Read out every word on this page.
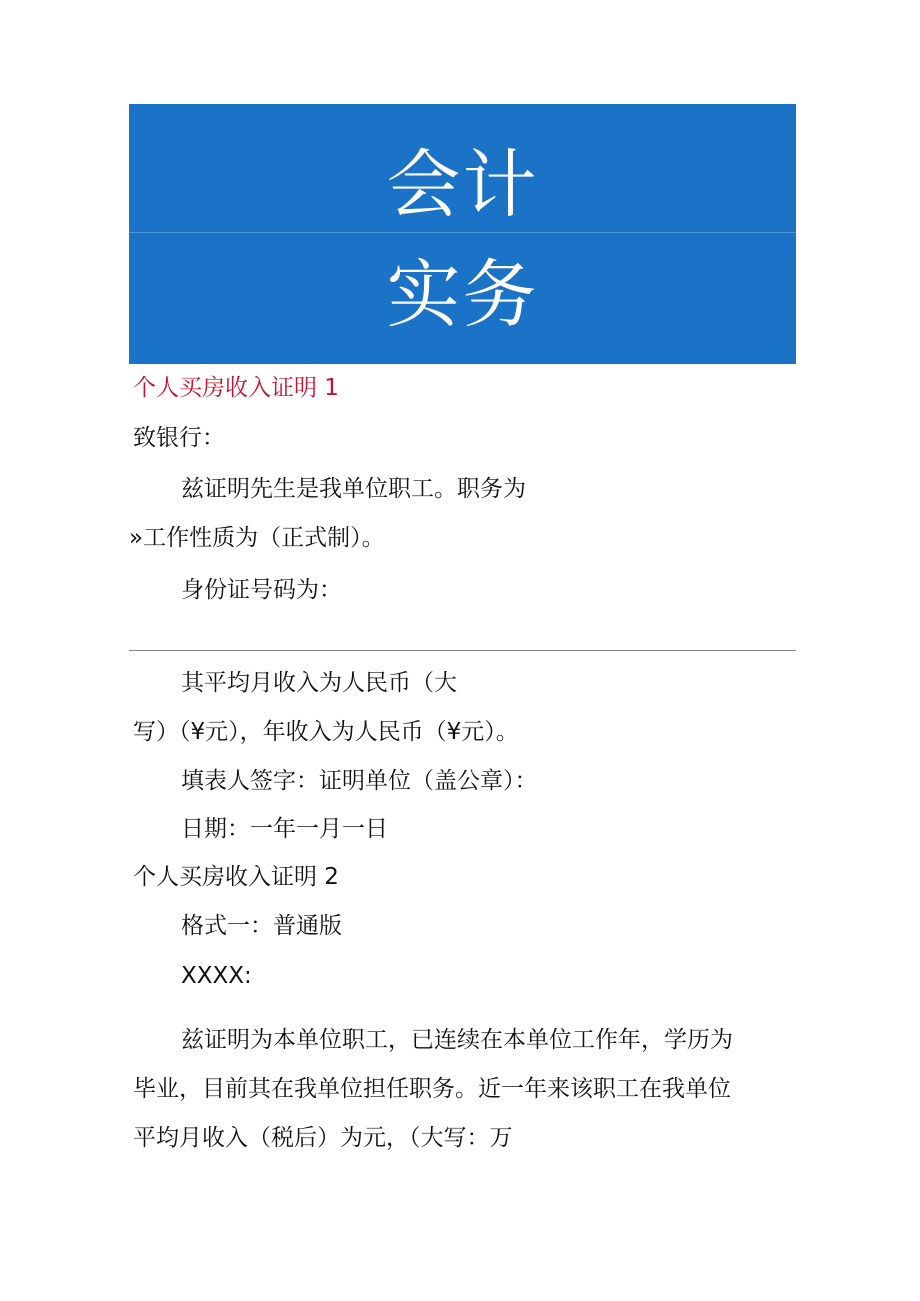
会计
实务
个人买房收入证明 1
致银行：
兹证明先生是我单位职工。职务为
»工作性质为（正式制）。
身份证号码为：
其平均月收入为人民币（大
写）（¥元），年收入为人民币（¥元）。
填表人签字：证明单位（盖公章）：
日期：一年一月一日
个人买房收入证明 2
格式一：普通版
XXXX:
兹证明为本单位职工，已连续在本单位工作年，学历为
毕业，目前其在我单位担任职务。近一年来该职工在我单位
平均月收入（税后）为元，（大写：万
